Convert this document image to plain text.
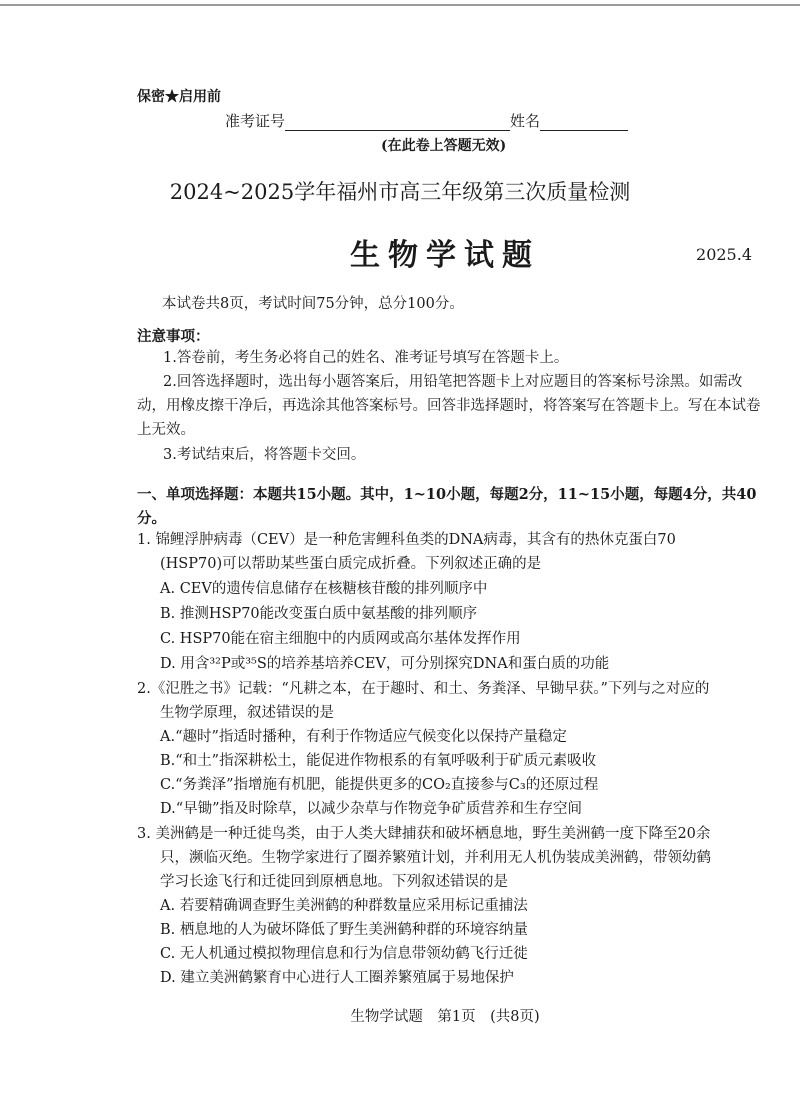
保密★启用前
准考证号	姓名
(在此卷上答题无效)
2024~2025学年福州市高三年级第三次质量检测
生物学试题	2025.4
本试卷共8页，考试时间75分钟，总分100分。
注意事项：
1.答卷前，考生务必将自己的姓名、准考证号填写在答题卡上。
2.回答选择题时，选出每小题答案后，用铅笔把答题卡上对应题目的答案标号涂黑。如需改动，用橡皮擦干净后，再选涂其他答案标号。回答非选择题时，将答案写在答题卡上。写在本试卷上无效。
3.考试结束后，将答题卡交回。
一、单项选择题：本题共15小题。其中，1~10小题，每题2分，11~15小题，每题4分，共40分。
1. 锦鲤浮肿病毒（CEV）是一种危害鲤科鱼类的DNA病毒，其含有的热休克蛋白70
(HSP70)可以帮助某些蛋白质完成折叠。下列叙述正确的是
A. CEV的遗传信息储存在核糖核苷酸的排列顺序中
B. 推测HSP70能改变蛋白质中氨基酸的排列顺序
C. HSP70能在宿主细胞中的内质网或高尔基体发挥作用
D. 用含³²P或³⁵S的培养基培养CEV，可分别探究DNA和蛋白质的功能
2.《氾胜之书》记载：“凡耕之本，在于趣时、和土、务粪泽、早锄早获。”下列与之对应的
生物学原理，叙述错误的是
A.“趣时”指适时播种，有利于作物适应气候变化以保持产量稳定
B.“和土”指深耕松土，能促进作物根系的有氧呼吸利于矿质元素吸收
C.“务粪泽”指增施有机肥，能提供更多的CO₂直接参与C₃的还原过程
D.“早锄”指及时除草，以减少杂草与作物竞争矿质营养和生存空间
3. 美洲鹤是一种迁徙鸟类，由于人类大肆捕获和破坏栖息地，野生美洲鹤一度下降至20余
只，濒临灭绝。生物学家进行了圈养繁殖计划，并利用无人机伪装成美洲鹤，带领幼鹤
学习长途飞行和迁徙回到原栖息地。下列叙述错误的是
A. 若要精确调查野生美洲鹤的种群数量应采用标记重捕法
B. 栖息地的人为破坏降低了野生美洲鹤种群的环境容纳量
C. 无人机通过模拟物理信息和行为信息带领幼鹤飞行迁徙
D. 建立美洲鹤繁育中心进行人工圈养繁殖属于易地保护
生物学试题　第1页　(共8页)
